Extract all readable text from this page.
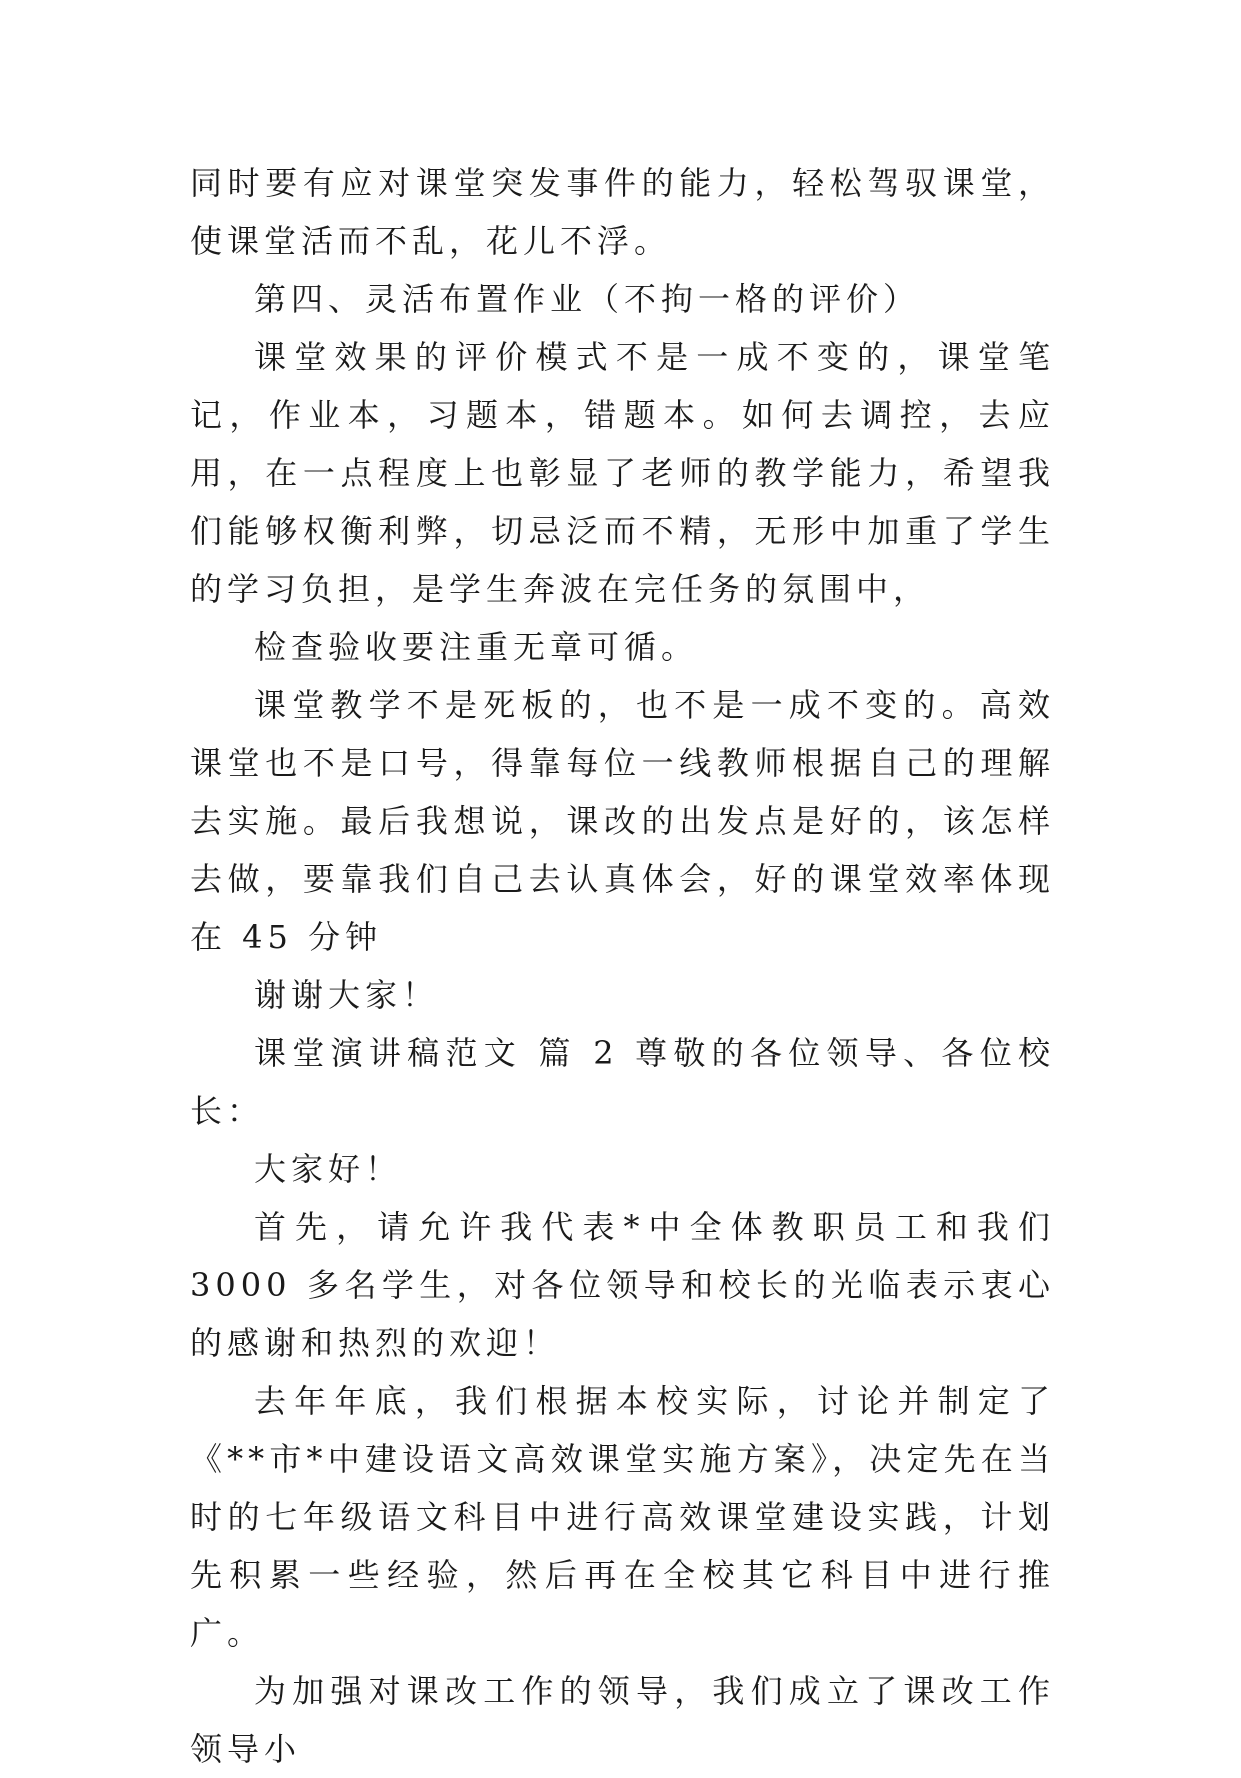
同时要有应对课堂突发事件的能力，轻松驾驭课堂，使课堂活而不乱，花儿不浮。

第四、灵活布置作业（不拘一格的评价）

课堂效果的评价模式不是一成不变的，课堂笔记，作业本，习题本，错题本。如何去调控，去应用，在一点程度上也彰显了老师的教学能力，希望我们能够权衡利弊，切忌泛而不精，无形中加重了学生的学习负担，是学生奔波在完任务的氛围中，

检查验收要注重无章可循。

课堂教学不是死板的，也不是一成不变的。高效课堂也不是口号，得靠每位一线教师根据自己的理解去实施。最后我想说，课改的出发点是好的，该怎样去做，要靠我们自己去认真体会，好的课堂效率体现在 45 分钟

谢谢大家！

课堂演讲稿范文 篇 2 尊敬的各位领导、各位校长：

大家好！

首先，请允许我代表*中全体教职员工和我们 3000 多名学生，对各位领导和校长的光临表示衷心的感谢和热烈的欢迎！

去年年底，我们根据本校实际，讨论并制定了《**市*中建设语文高效课堂实施方案》，决定先在当时的七年级语文科目中进行高效课堂建设实践，计划先积累一些经验，然后再在全校其它科目中进行推广。

为加强对课改工作的领导，我们成立了课改工作领导小
